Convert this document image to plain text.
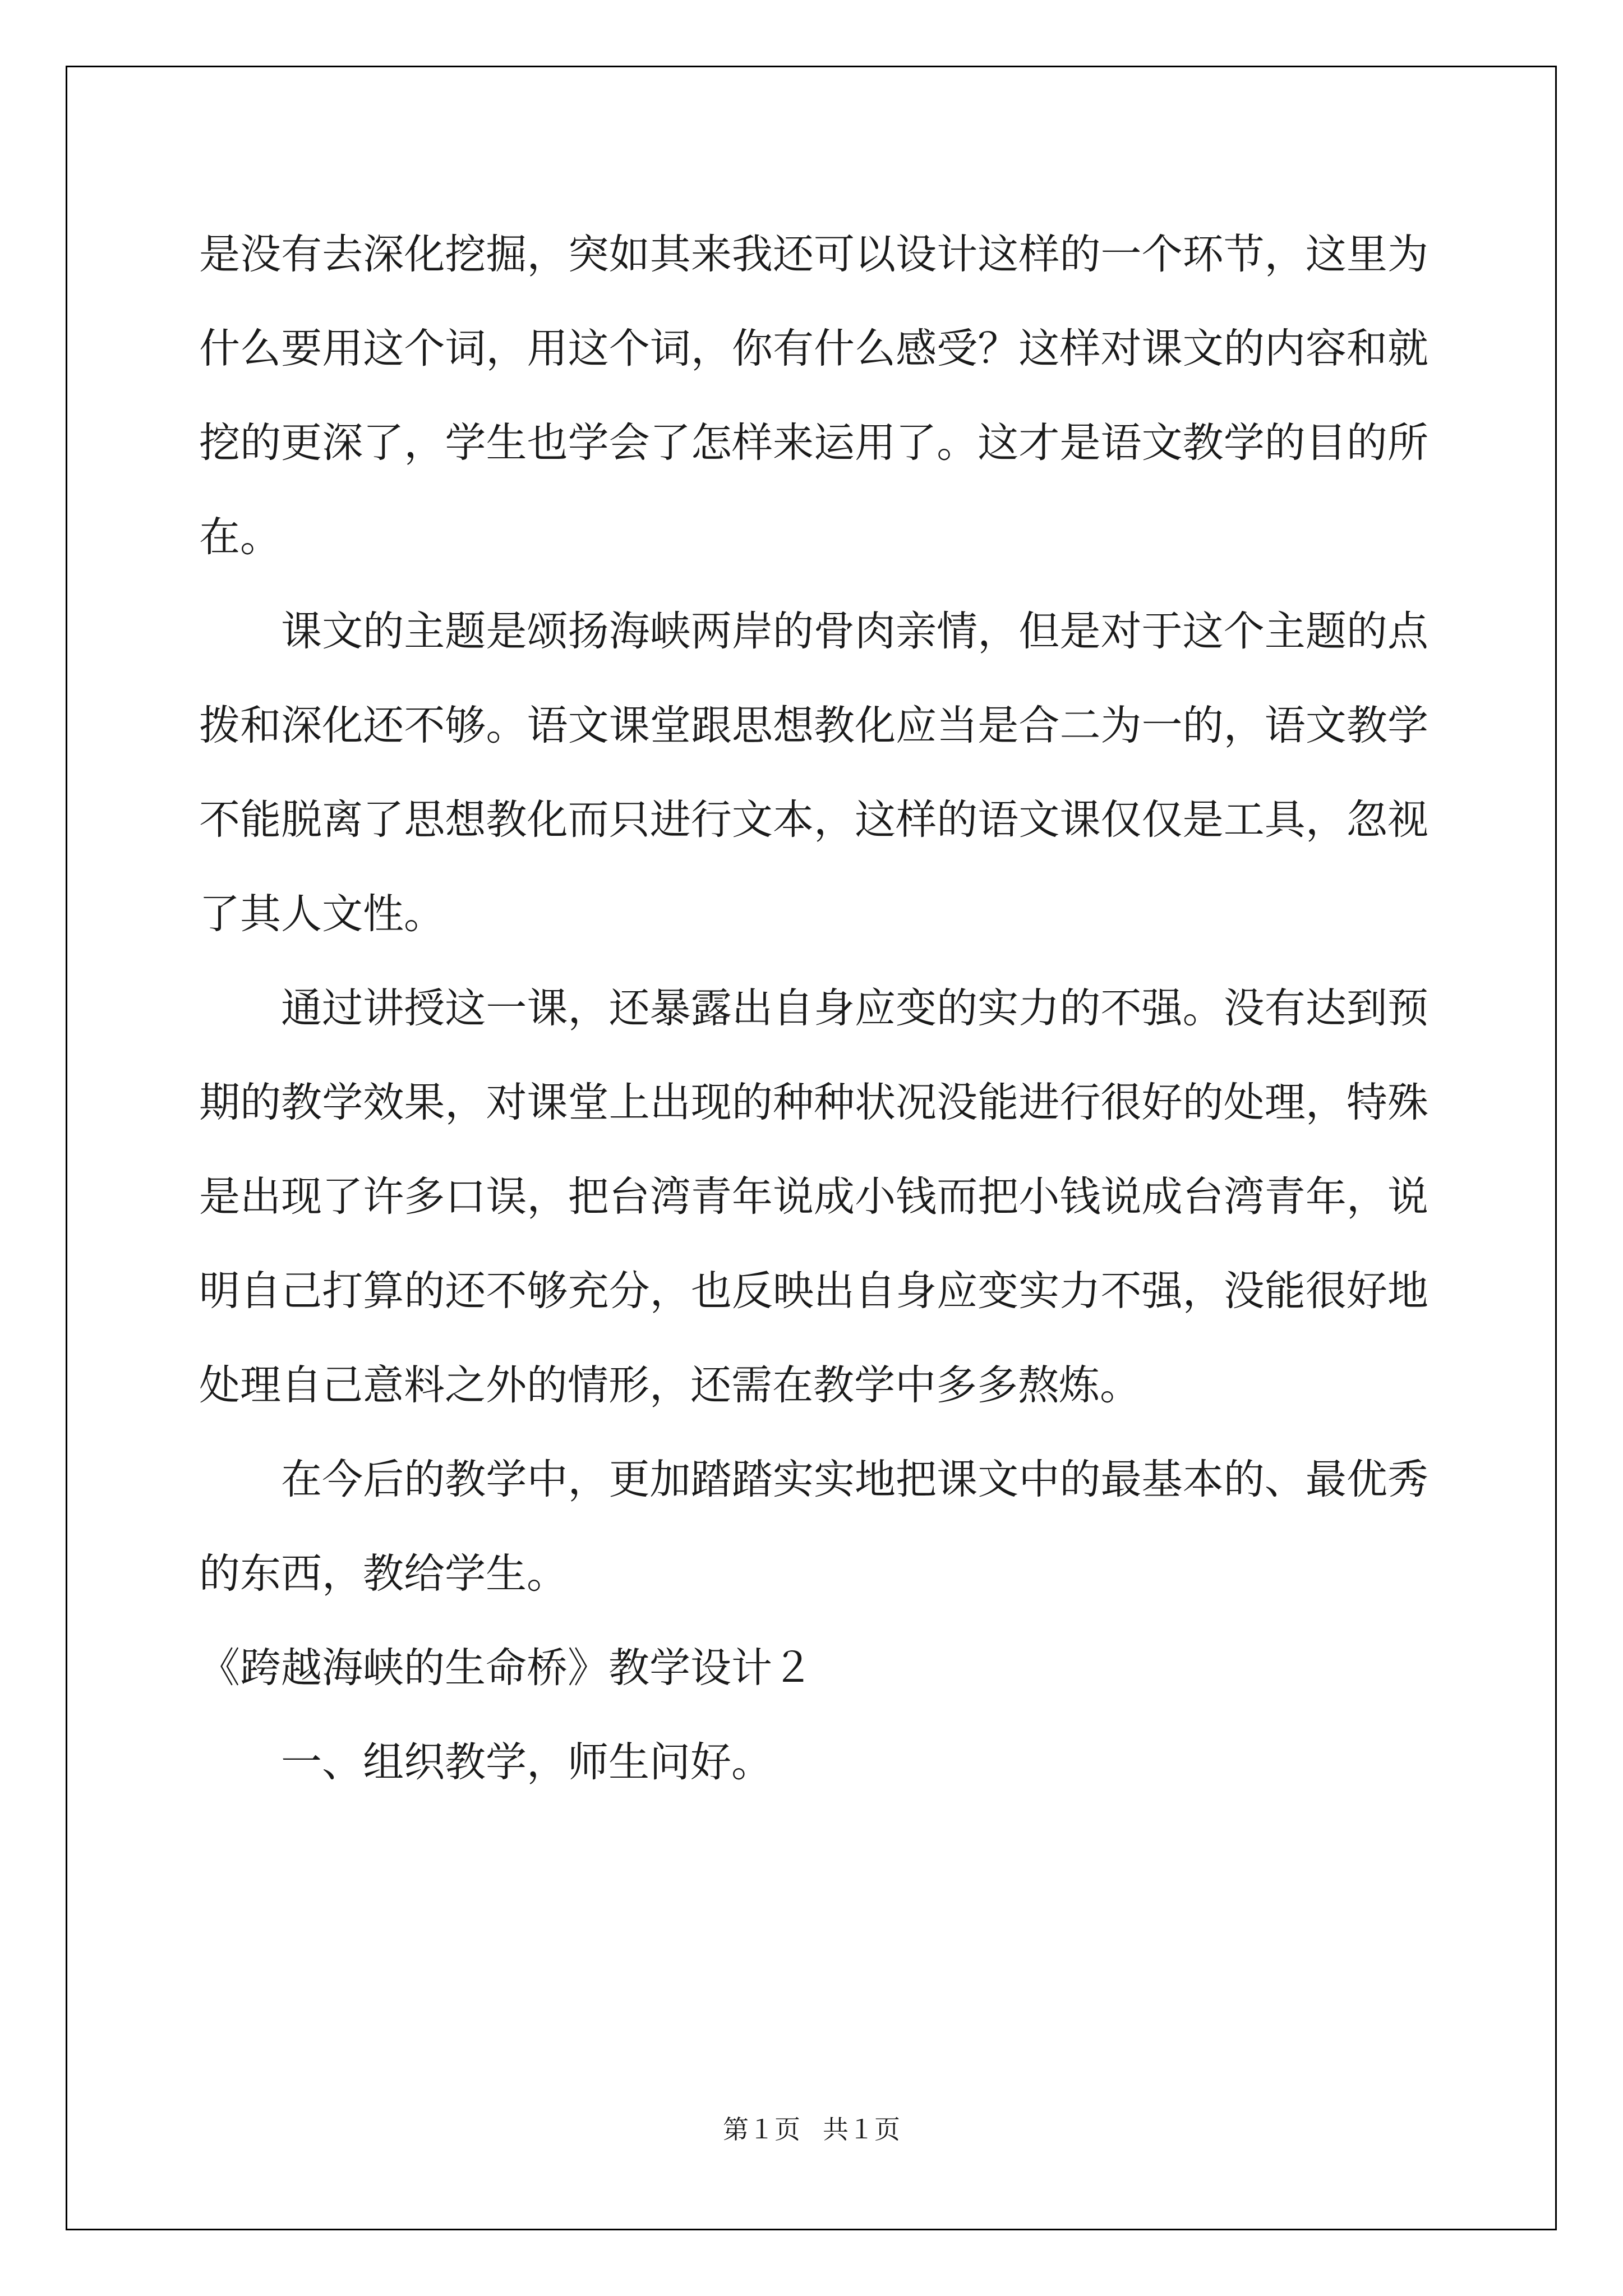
是没有去深化挖掘，突如其来我还可以设计这样的一个环节，这里为什么要用这个词，用这个词，你有什么感受？这样对课文的内容和就挖的更深了，学生也学会了怎样来运用了。这才是语文教学的目的所在。

课文的主题是颂扬海峡两岸的骨肉亲情，但是对于这个主题的点拨和深化还不够。语文课堂跟思想教化应当是合二为一的，语文教学不能脱离了思想教化而只进行文本，这样的语文课仅仅是工具，忽视了其人文性。

通过讲授这一课，还暴露出自身应变的实力的不强。没有达到预期的教学效果，对课堂上出现的种种状况没能进行很好的处理，特殊是出现了许多口误，把台湾青年说成小钱而把小钱说成台湾青年，说明自己打算的还不够充分，也反映出自身应变实力不强，没能很好地处理自己意料之外的情形，还需在教学中多多熬炼。

在今后的教学中，更加踏踏实实地把课文中的最基本的、最优秀的东西，教给学生。

《跨越海峡的生命桥》教学设计２

一、组织教学，师生问好。

第１页 共１页
